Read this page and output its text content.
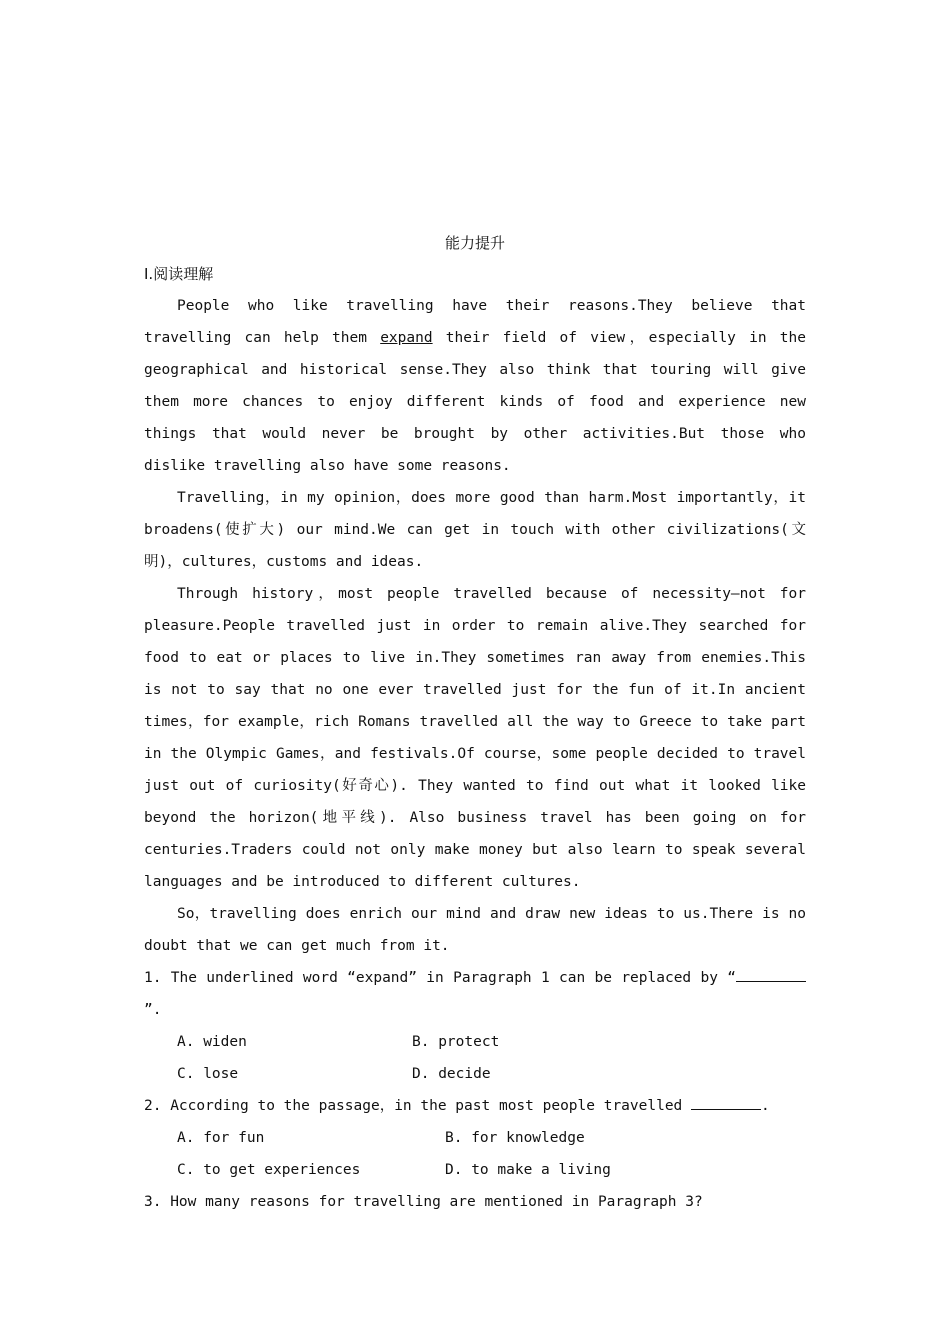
能力提升

Ⅰ.阅读理解

People who like travelling have their reasons.They believe that travelling can help them expand their field of view，especially in the geographical and historical sense.They also think that touring will give them more chances to enjoy different kinds of food and experience new things that would never be brought by other activities.But those who dislike travelling also have some reasons.

Travelling，in my opinion，does more good than harm.Most importantly，it broadens(使扩大) our mind.We can get in touch with other civilizations(文明)，cultures，customs and ideas.

Through history，most people travelled because of necessity—not for pleasure.People travelled just in order to remain alive.They searched for food to eat or places to live in.They sometimes ran away from enemies.This is not to say that no one ever travelled just for the fun of it.In ancient times，for example，rich Romans travelled all the way to Greece to take part in the Olympic Games，and festivals.Of course，some people decided to travel just out of curiosity(好奇心). They wanted to find out what it looked like beyond the horizon(地平线). Also business travel has been going on for centuries.Traders could not only make money but also learn to speak several languages and be introduced to different cultures.

So，travelling does enrich our mind and draw new ideas to us.There is no doubt that we can get much from it.

1. The underlined word “expand” in Paragraph 1 can be replaced by “”.

A. widen	B. protect
C. lose	D. decide

2. According to the passage，in the past most people travelled	.

A. for fun	B. for knowledge
C. to get experiences	D. to make a living

3. How many reasons for travelling are mentioned in Paragraph 3?
